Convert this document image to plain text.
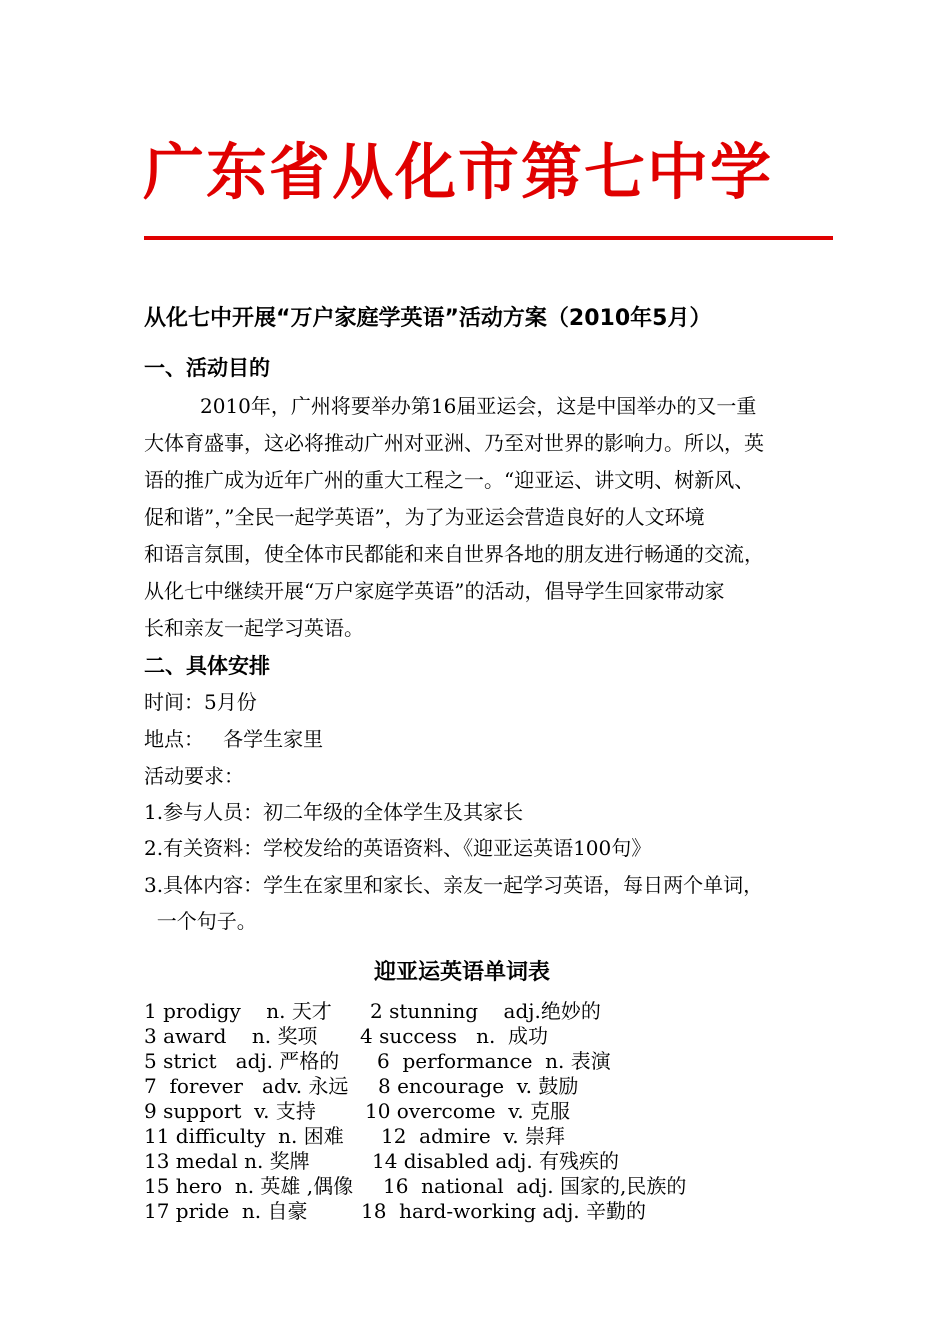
广东省从化市第七中学
从化七中开展“万户家庭学英语”活动方案（2010年5月）
一、活动目的
2010年，广州将要举办第16届亚运会，这是中国举办的又一重
大体育盛事，这必将推动广州对亚洲、乃至对世界的影响力。所以，英
语的推广成为近年广州的重大工程之一。“迎亚运、讲文明、树新风、
促和谐”，”全民一起学英语”，为了为亚运会营造良好的人文环境
和语言氛围，使全体市民都能和来自世界各地的朋友进行畅通的交流，
从化七中继续开展“万户家庭学英语”的活动，倡导学生回家带动家
长和亲友一起学习英语。
二、具体安排
时间：5月份
地点：   各学生家里
活动要求：
1.参与人员：初二年级的全体学生及其家长
2.有关资料：学校发给的英语资料、《迎亚运英语100句》
3.具体内容：学生在家里和家长、亲友一起学习英语，每日两个单词，
一个句子。
迎亚运英语单词表
1 prodigy    n. 天才 2 stunning    adj.绝妙的
3 award    n. 奖项 4 success   n.  成功
5 strict   adj. 严格的 6  performance  n. 表演
7  forever   adv. 永远 8 encourage  v. 鼓励
9 support  v. 支持 10 overcome  v. 克服
11 difficulty  n. 困难 12  admire  v. 崇拜
13 medal n. 奖牌	14 disabled adj. 有残疾的
15 hero  n. 英雄 ,偶像 16  national  adj. 国家的,民族的
17 pride  n. 自豪	18  hard-working adj. 辛勤的
